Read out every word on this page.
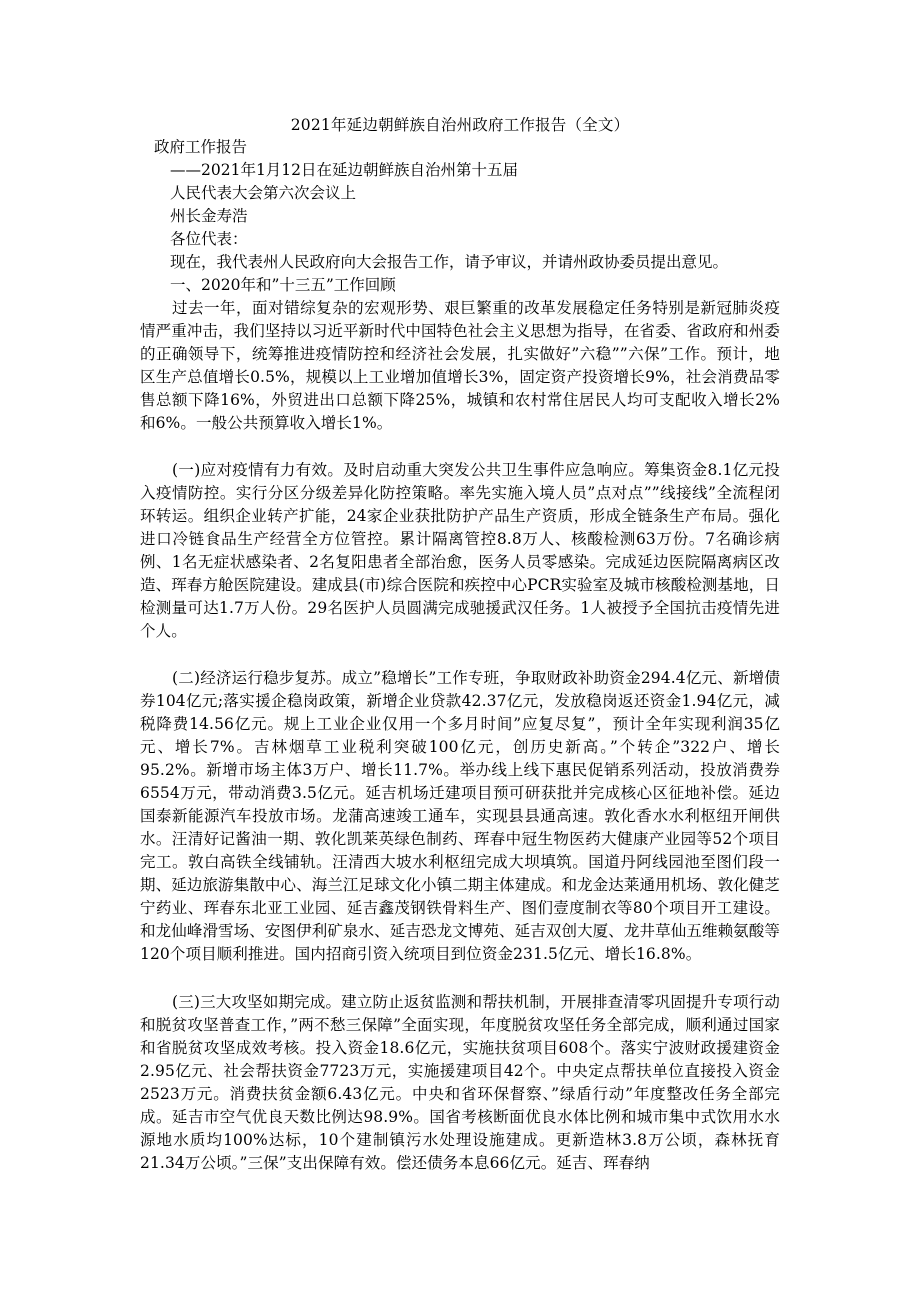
2021年延边朝鲜族自治州政府工作报告（全文）
政府工作报告
——2021年1月12日在延边朝鲜族自治州第十五届
人民代表大会第六次会议上
州长金寿浩
各位代表：
现在，我代表州人民政府向大会报告工作，请予审议，并请州政协委员提出意见。
一、2020年和”十三五”工作回顾
过去一年，面对错综复杂的宏观形势、艰巨繁重的改革发展稳定任务特别是新冠肺炎疫情严重冲击，我们坚持以习近平新时代中国特色社会主义思想为指导，在省委、省政府和州委的正确领导下，统筹推进疫情防控和经济社会发展，扎实做好”六稳””六保”工作。预计，地区生产总值增长0.5%，规模以上工业增加值增长3%，固定资产投资增长9%，社会消费品零售总额下降16%，外贸进出口总额下降25%，城镇和农村常住居民人均可支配收入增长2%和6%。一般公共预算收入增长1%。
(一)应对疫情有力有效。及时启动重大突发公共卫生事件应急响应。筹集资金8.1亿元投入疫情防控。实行分区分级差异化防控策略。率先实施入境人员”点对点””线接线”全流程闭环转运。组织企业转产扩能，24家企业获批防护产品生产资质，形成全链条生产布局。强化进口冷链食品生产经营全方位管控。累计隔离管控8.8万人、核酸检测63万份。7名确诊病例、1名无症状感染者、2名复阳患者全部治愈，医务人员零感染。完成延边医院隔离病区改造、珲春方舱医院建设。建成县(市)综合医院和疾控中心PCR实验室及城市核酸检测基地，日检测量可达1.7万人份。29名医护人员圆满完成驰援武汉任务。1人被授予全国抗击疫情先进个人。
(二)经济运行稳步复苏。成立”稳增长”工作专班，争取财政补助资金294.4亿元、新增债券104亿元;落实援企稳岗政策，新增企业贷款42.37亿元，发放稳岗返还资金1.94亿元，减税降费14.56亿元。规上工业企业仅用一个多月时间”应复尽复”，预计全年实现利润35亿元、增长7%。吉林烟草工业税利突破100亿元，创历史新高。”个转企”322户、增长95.2%。新增市场主体3万户、增长11.7%。举办线上线下惠民促销系列活动，投放消费券6554万元，带动消费3.5亿元。延吉机场迁建项目预可研获批并完成核心区征地补偿。延边国泰新能源汽车投放市场。龙蒲高速竣工通车，实现县县通高速。敦化香水水利枢纽开闸供水。汪清好记酱油一期、敦化凯莱英绿色制药、珲春中冠生物医药大健康产业园等52个项目完工。敦白高铁全线铺轨。汪清西大坡水利枢纽完成大坝填筑。国道丹阿线园池至图们段一期、延边旅游集散中心、海兰江足球文化小镇二期主体建成。和龙金达莱通用机场、敦化健芝宁药业、珲春东北亚工业园、延吉鑫茂钢铁骨料生产、图们壹度制衣等80个项目开工建设。和龙仙峰滑雪场、安图伊利矿泉水、延吉恐龙文博苑、延吉双创大厦、龙井草仙五维赖氨酸等120个项目顺利推进。国内招商引资入统项目到位资金231.5亿元、增长16.8%。
(三)三大攻坚如期完成。建立防止返贫监测和帮扶机制，开展排查清零巩固提升专项行动和脱贫攻坚普查工作，”两不愁三保障”全面实现，年度脱贫攻坚任务全部完成，顺利通过国家和省脱贫攻坚成效考核。投入资金18.6亿元，实施扶贫项目608个。落实宁波财政援建资金2.95亿元、社会帮扶资金7723万元，实施援建项目42个。中央定点帮扶单位直接投入资金2523万元。消费扶贫金额6.43亿元。中央和省环保督察、”绿盾行动”年度整改任务全部完成。延吉市空气优良天数比例达98.9%。国省考核断面优良水体比例和城市集中式饮用水水源地水质均100%达标，10个建制镇污水处理设施建成。更新造林3.8万公顷，森林抚育21.34万公顷。”三保”支出保障有效。偿还债务本息66亿元。延吉、珲春纳
